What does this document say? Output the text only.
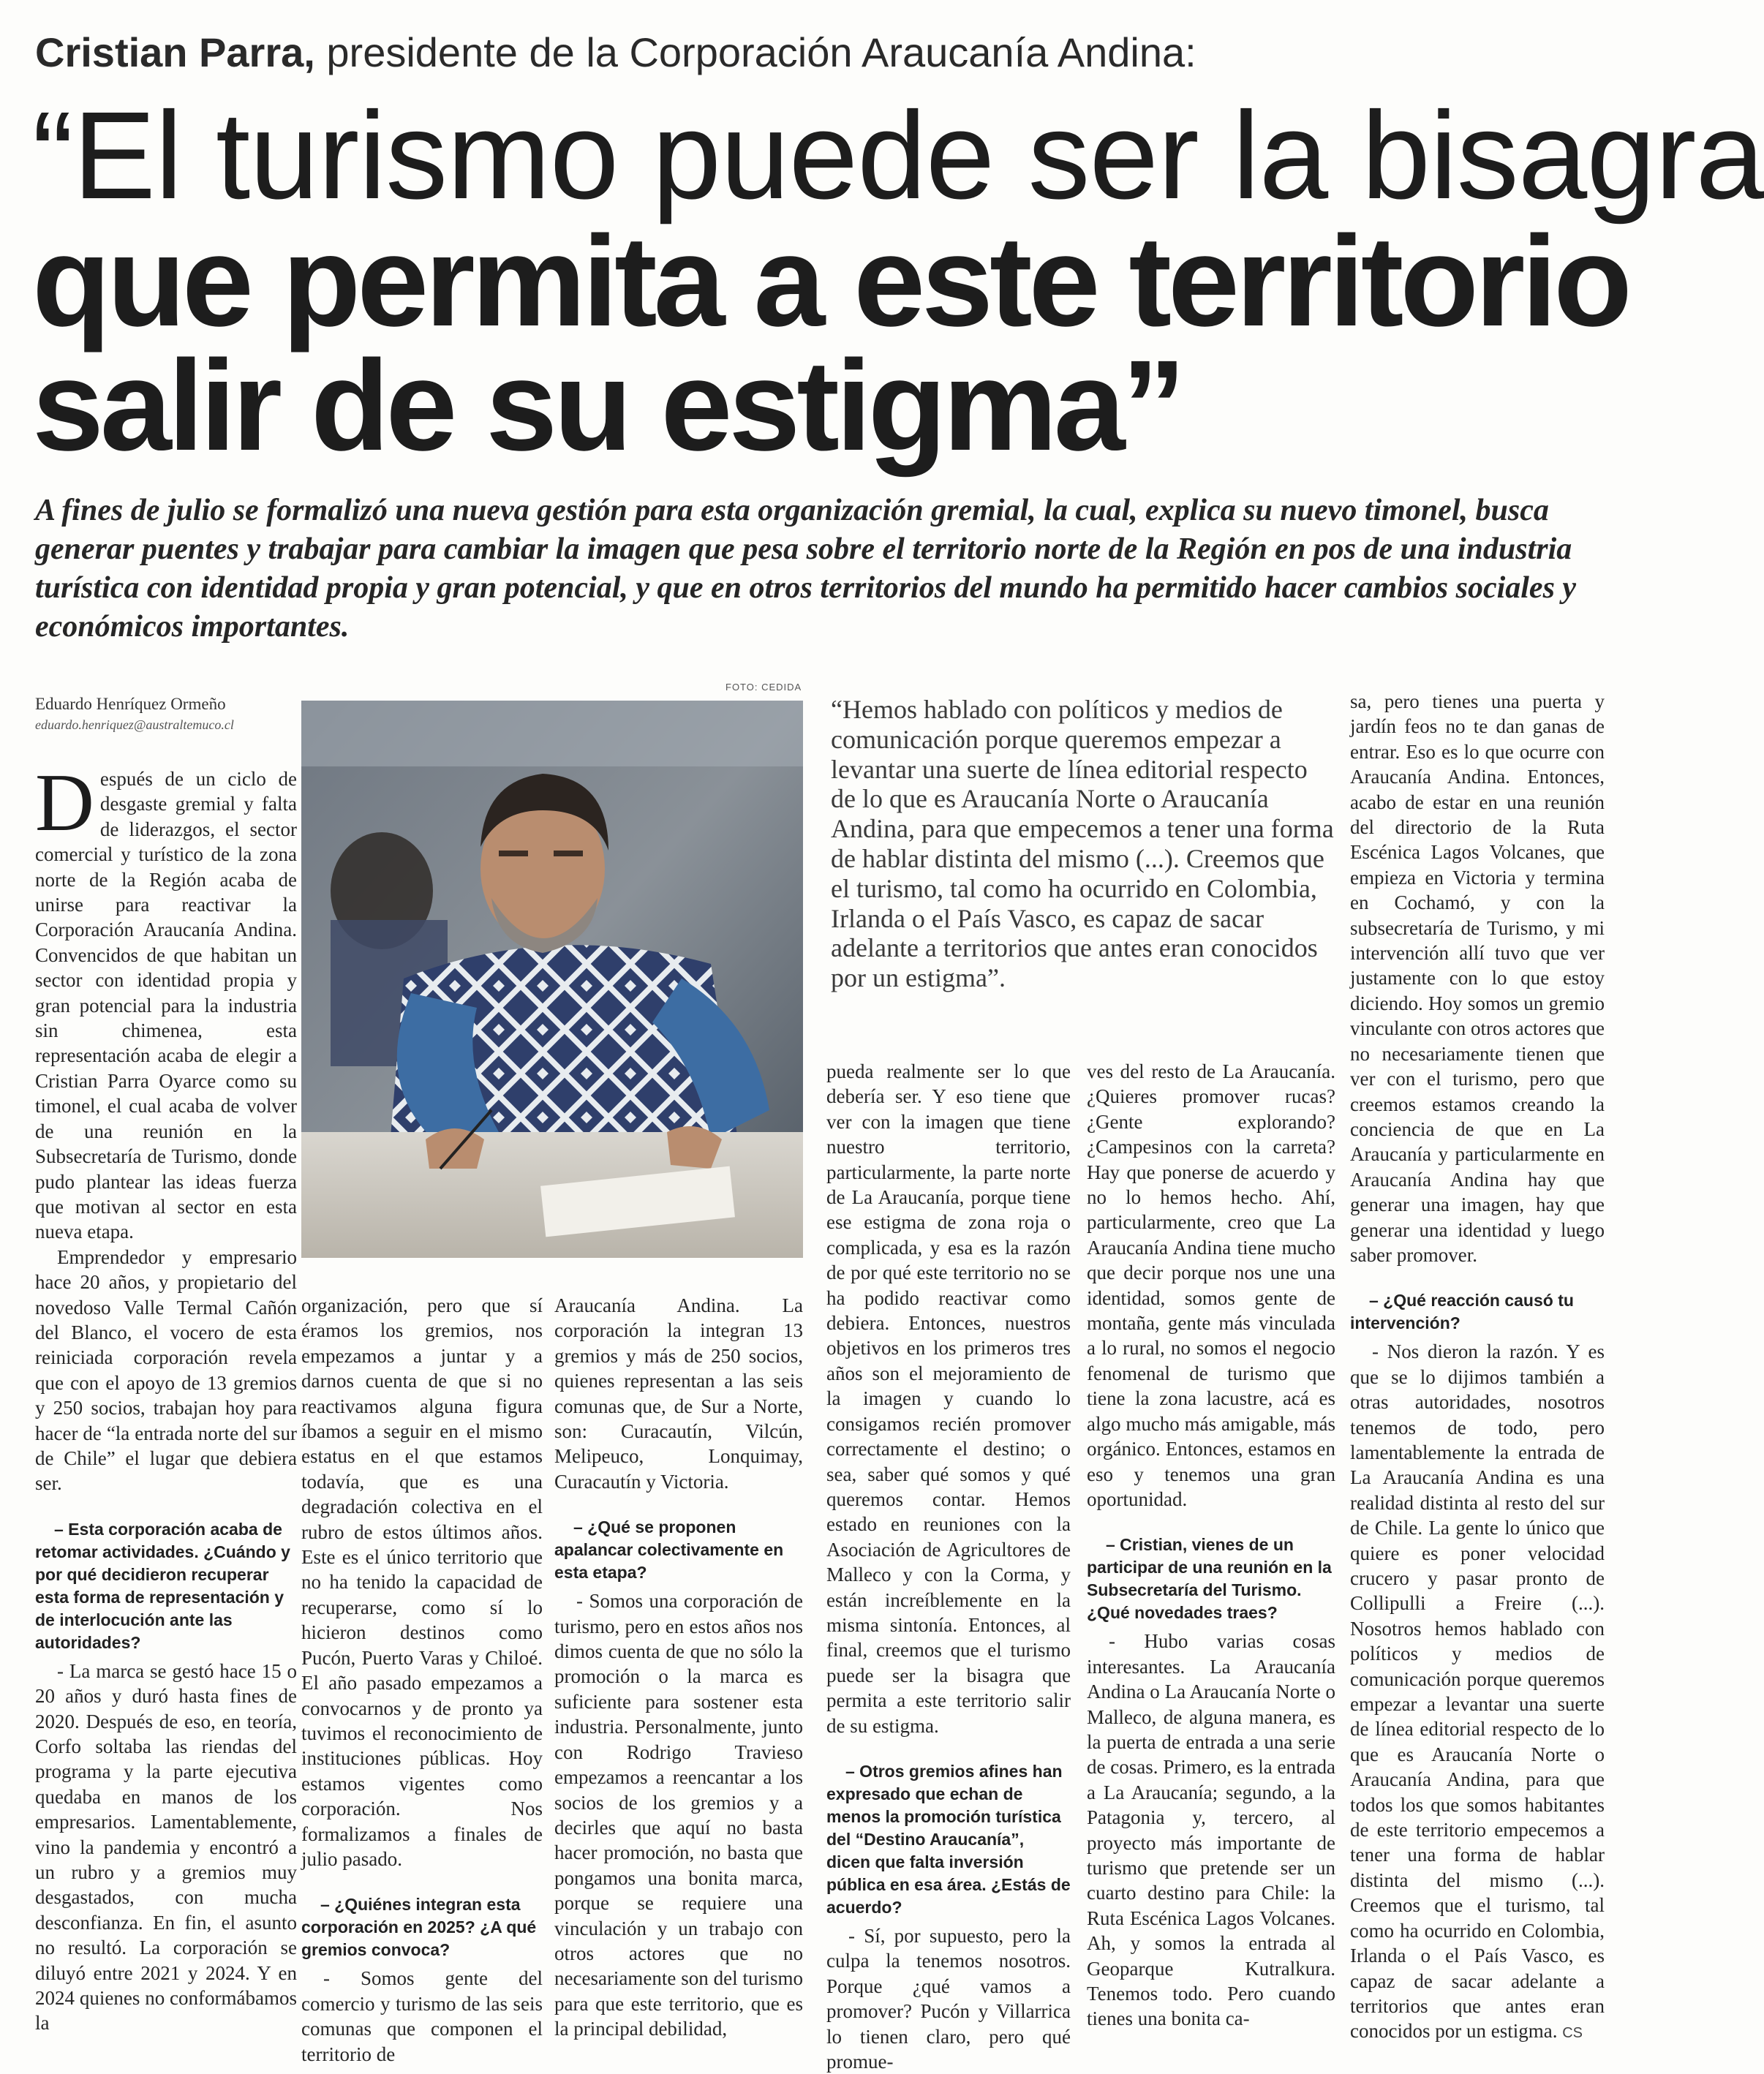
Cristian Parra, presidente de la Corporación Araucanía Andina:
“El turismo puede ser la bisagra
que permita a este territorio
salir de su estigma”

A fines de julio se formalizó una nueva gestión para esta organización gremial, la cual, explica su nuevo timonel, busca generar puentes y trabajar para cambiar la imagen que pesa sobre el territorio norte de la Región en pos de una industria turística con identidad propia y gran potencial, y que en otros territorios del mundo ha permitido hacer cambios sociales y económicos importantes.

Eduardo Henríquez Ormeño
eduardo.henriquez@australtemuco.cl
FOTO: CEDIDA
“Hemos hablado con políticos y medios de comunicación porque queremos empezar a levantar una suerte de línea editorial respecto de lo que es Araucanía Norte o Araucanía Andina, para que empecemos a tener una forma de hablar distinta del mismo (...). Creemos que el turismo, tal como ha ocurrido en Colombia, Irlanda o el País Vasco, es capaz de sacar adelante a territorios que antes eran conocidos por un estigma”.

Después de un ciclo de desgaste gremial y falta de liderazgos, el sector comercial y turístico de la zona norte de la Región acaba de unirse para reactivar la Corporación Araucanía Andina. Convencidos de que habitan un sector con identidad propia y gran potencial para la industria sin chimenea, esta representación acaba de elegir a Cristian Parra Oyarce como su timonel, el cual acaba de volver de una reunión en la Subsecretaría de Turismo, donde pudo plantear las ideas fuerza que motivan al sector en esta nueva etapa.

Emprendedor y empresario hace 20 años, y propietario del novedoso Valle Termal Cañón del Blanco, el vocero de esta reiniciada corporación revela que con el apoyo de 13 gremios y 250 socios, trabajan hoy para hacer de “la entrada norte del sur de Chile” el lugar que debiera ser.

– Esta corporación acaba de retomar actividades. ¿Cuándo y por qué decidieron recuperar esta forma de representación y de interlocución ante las autoridades?

- La marca se gestó hace 15 o 20 años y duró hasta fines de 2020. Después de eso, en teoría, Corfo soltaba las riendas del programa y la parte ejecutiva quedaba en manos de los empresarios. Lamentablemente, vino la pandemia y encontró a un rubro y a gremios muy desgastados, con mucha desconfianza. En fin, el asunto no resultó. La corporación se diluyó entre 2021 y 2024. Y en 2024 quienes no conformábamos la

organización, pero que sí éramos los gremios, nos empezamos a juntar y a darnos cuenta de que si no reactivamos alguna figura íbamos a seguir en el mismo estatus en el que estamos todavía, que es una degradación colectiva en el rubro de estos últimos años. Este es el único territorio que no ha tenido la capacidad de recuperarse, como sí lo hicieron destinos como Pucón, Puerto Varas y Chiloé. El año pasado empezamos a convocarnos y de pronto ya tuvimos el reconocimiento de instituciones públicas. Hoy estamos vigentes como corporación. Nos formalizamos a finales de julio pasado.

– ¿Quiénes integran esta corporación en 2025? ¿A qué gremios convoca?

- Somos gente del comercio y turismo de las seis comunas que componen el territorio de

Araucanía Andina. La corporación la integran 13 gremios y más de 250 socios, quienes representan a las seis comunas que, de Sur a Norte, son: Curacautín, Vilcún, Melipeuco, Lonquimay, Curacautín y Victoria.

– ¿Qué se proponen apalancar colectivamente en esta etapa?

- Somos una corporación de turismo, pero en estos años nos dimos cuenta de que no sólo la promoción o la marca es suficiente para sostener esta industria. Personalmente, junto con Rodrigo Travieso empezamos a reencantar a los socios de los gremios y a decirles que aquí no basta hacer promoción, no basta que pongamos una bonita marca, porque se requiere una vinculación y un trabajo con otros actores que no necesariamente son del turismo para que este territorio, que es la principal debilidad,

pueda realmente ser lo que debería ser. Y eso tiene que ver con la imagen que tiene nuestro territorio, particularmente, la parte norte de La Araucanía, porque tiene ese estigma de zona roja o complicada, y esa es la razón de por qué este territorio no se ha podido reactivar como debiera. Entonces, nuestros objetivos en los primeros tres años son el mejoramiento de la imagen y cuando lo consigamos recién promover correctamente el destino; o sea, saber qué somos y qué queremos contar. Hemos estado en reuniones con la Asociación de Agricultores de Malleco y con la Corma, y están increíblemente en la misma sintonía. Entonces, al final, creemos que el turismo puede ser la bisagra que permita a este territorio salir de su estigma.

– Otros gremios afines han expresado que echan de menos la promoción turística del “Destino Araucanía”, dicen que falta inversión pública en esa área. ¿Estás de acuerdo?

- Sí, por supuesto, pero la culpa la tenemos nosotros. Porque ¿qué vamos a promover? Pucón y Villarrica lo tienen claro, pero qué promue-

ves del resto de La Araucanía. ¿Quieres promover rucas? ¿Gente explorando? ¿Campesinos con la carreta? Hay que ponerse de acuerdo y no lo hemos hecho. Ahí, particularmente, creo que La Araucanía Andina tiene mucho que decir porque nos une una identidad, somos gente de montaña, gente más vinculada a lo rural, no somos el negocio fenomenal de turismo que tiene la zona lacustre, acá es algo mucho más amigable, más orgánico. Entonces, estamos en eso y tenemos una gran oportunidad.

– Cristian, vienes de un participar de una reunión en la Subsecretaría del Turismo. ¿Qué novedades traes?

- Hubo varias cosas interesantes. La Araucanía Andina o La Araucanía Norte o Malleco, de alguna manera, es la puerta de entrada a una serie de cosas. Primero, es la entrada a La Araucanía; segundo, a la Patagonia y, tercero, al proyecto más importante de turismo que pretende ser un cuarto destino para Chile: la Ruta Escénica Lagos Volcanes. Ah, y somos la entrada al Geoparque Kutralkura. Tenemos todo. Pero cuando tienes una bonita ca-

sa, pero tienes una puerta y jardín feos no te dan ganas de entrar. Eso es lo que ocurre con Araucanía Andina. Entonces, acabo de estar en una reunión del directorio de la Ruta Escénica Lagos Volcanes, que empieza en Victoria y termina en Cochamó, y con la subsecretaría de Turismo, y mi intervención allí tuvo que ver justamente con lo que estoy diciendo. Hoy somos un gremio vinculante con otros actores que no necesariamente tienen que ver con el turismo, pero que creemos estamos creando la conciencia de que en La Araucanía y particularmente en Araucanía Andina hay que generar una imagen, hay que generar una identidad y luego saber promover.

– ¿Qué reacción causó tu intervención?

- Nos dieron la razón. Y es que se lo dijimos también a otras autoridades, nosotros tenemos de todo, pero lamentablemente la entrada de La Araucanía Andina es una realidad distinta al resto del sur de Chile. La gente lo único que quiere es poner velocidad crucero y pasar pronto de Collipulli a Freire (...). Nosotros hemos hablado con políticos y medios de comunicación porque queremos empezar a levantar una suerte de línea editorial respecto de lo que es Araucanía Norte o Araucanía Andina, para que todos los que somos habitantes de este territorio empecemos a tener una forma de hablar distinta del mismo (...). Creemos que el turismo, tal como ha ocurrido en Colombia, Irlanda o el País Vasco, es capaz de sacar adelante a territorios que antes eran conocidos por un estigma. CS
